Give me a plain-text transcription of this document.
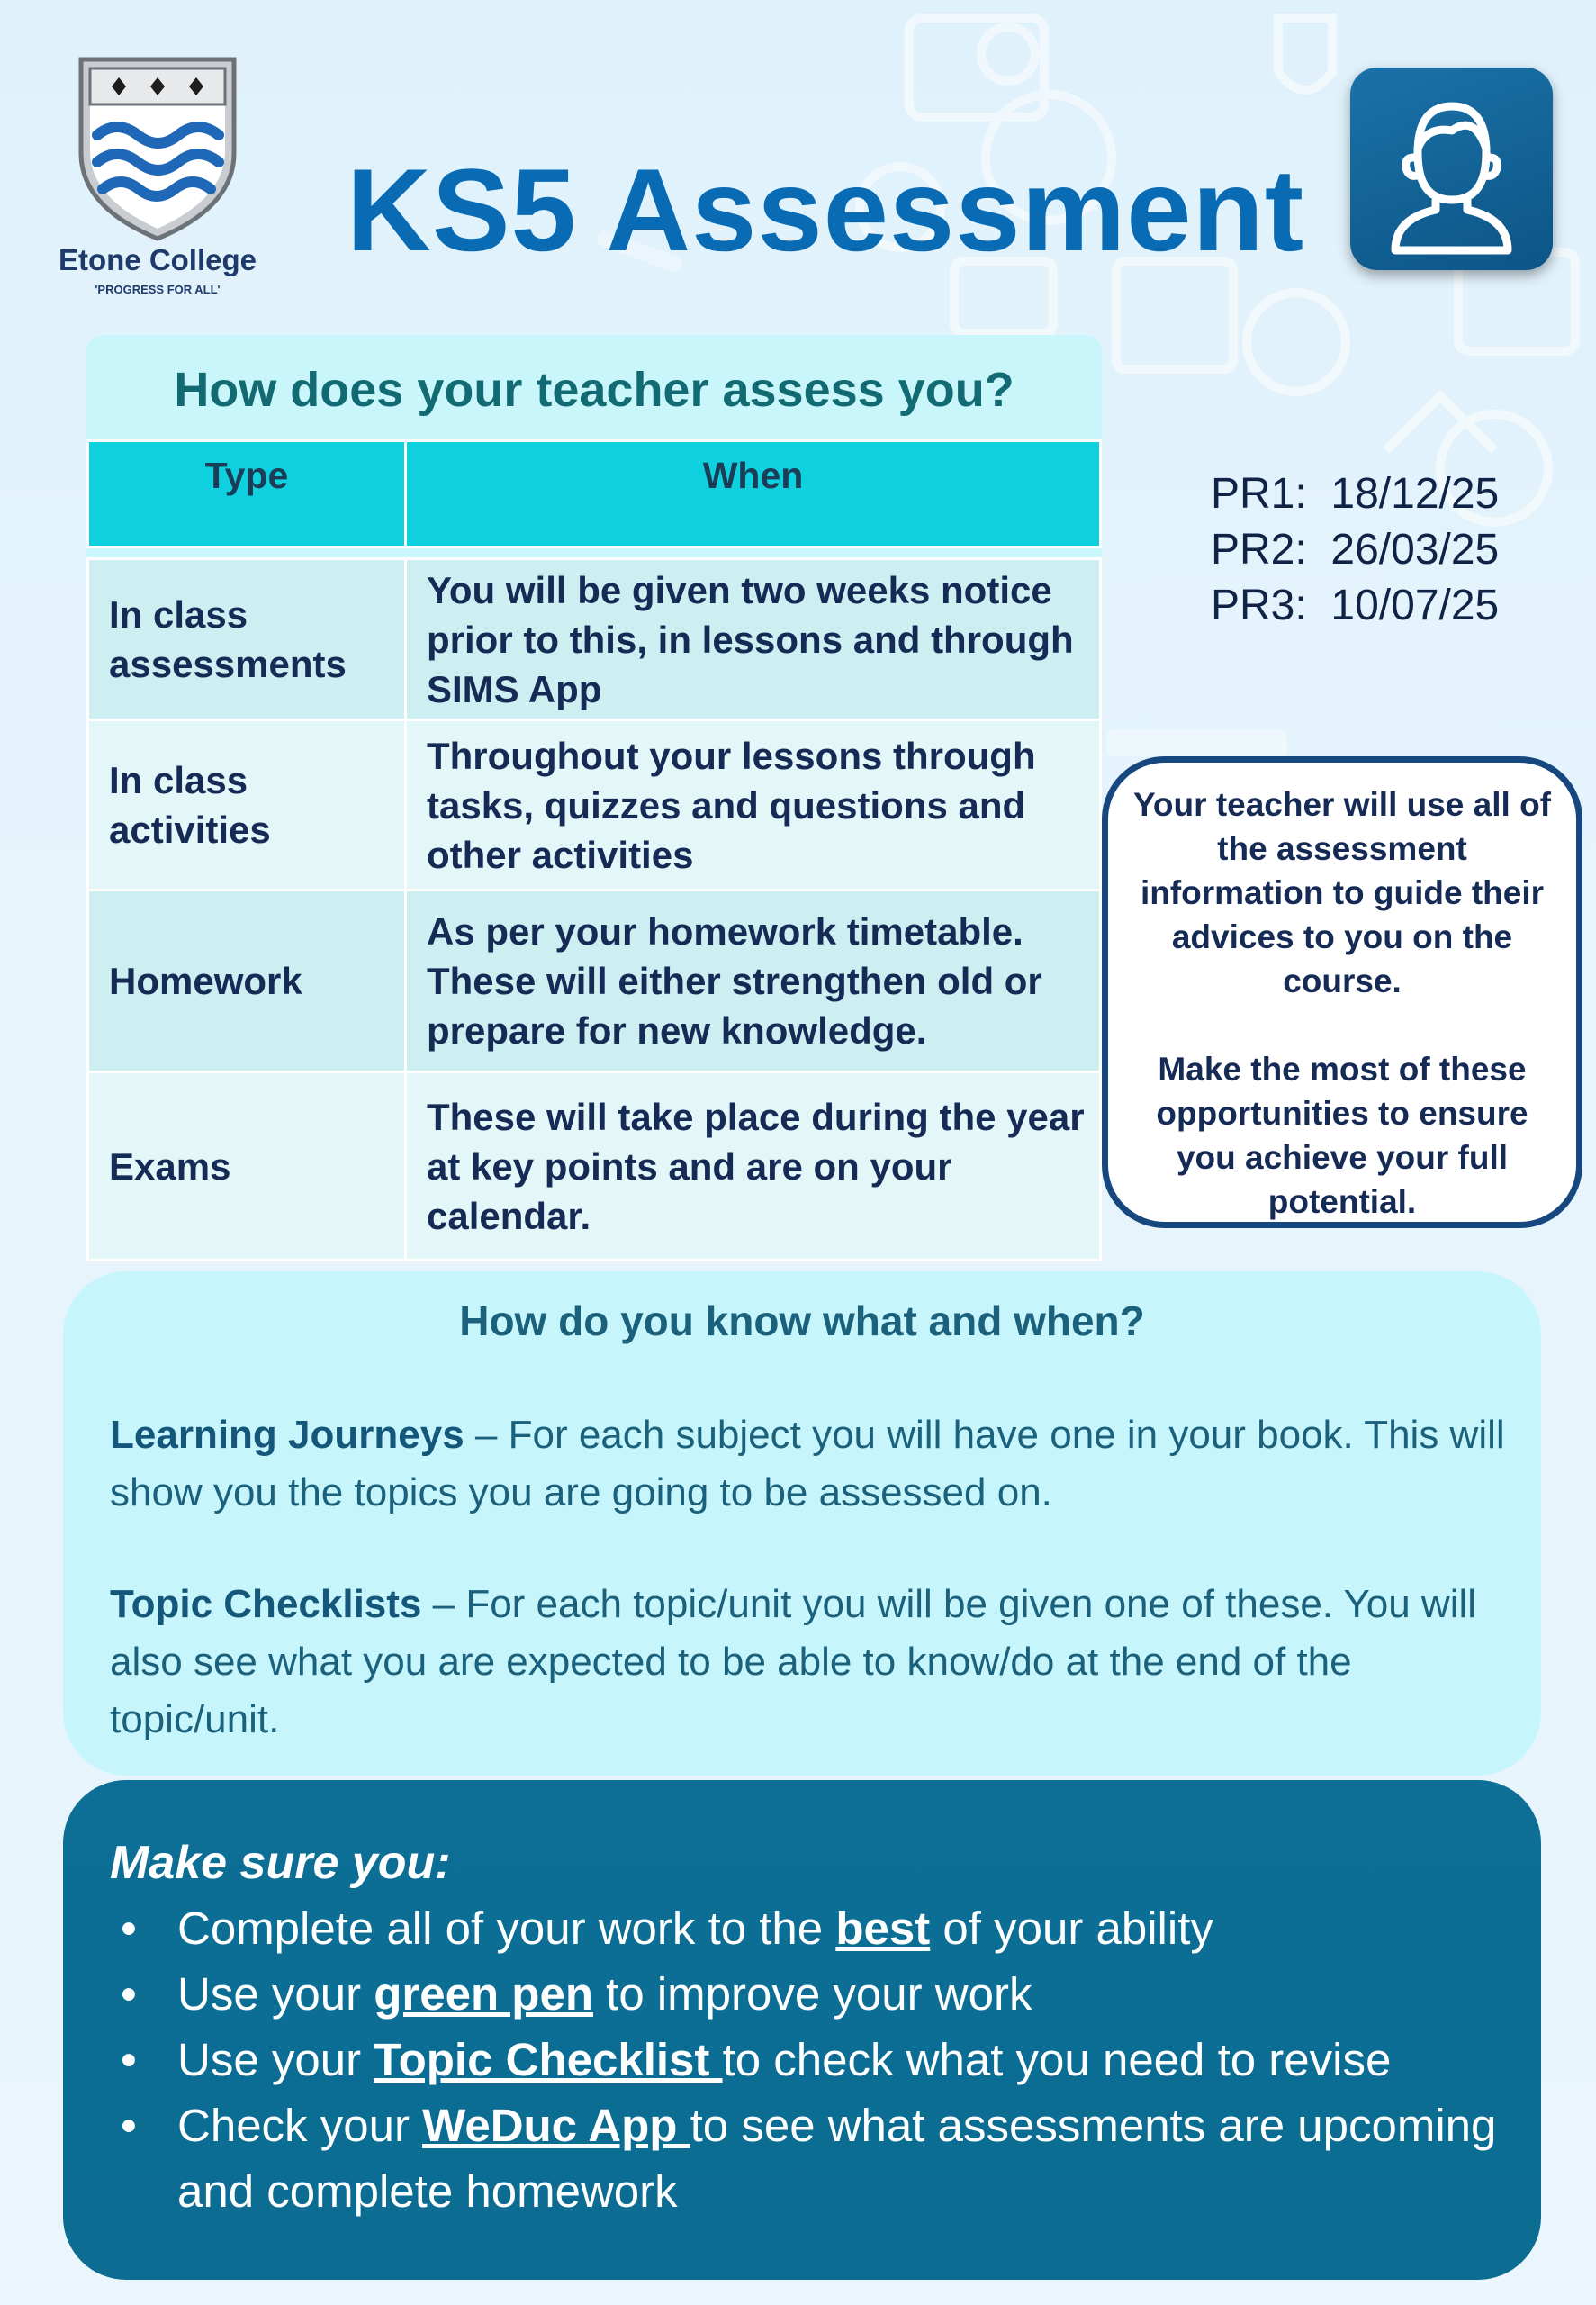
Etone College
'PROGRESS FOR ALL'
KS5 Assessment
How does your teacher assess you?
Type	When

In class assessments	You will be given two weeks notice prior to this, in lessons and through SIMS App
In class activities	Throughout your lessons through tasks, quizzes and questions and other activities
Homework	As per your homework timetable. These will either strengthen old or prepare for new knowledge.
Exams	These will take place during the year at key points and are on your calendar.
PR1: 18/12/25
PR2: 26/03/25
PR3: 10/07/25

Your teacher will use all of the assessment information to guide their advices to you on the course.

Make the most of these opportunities to ensure you achieve your full potential.

How do you know what and when?
Learning Journeys – For each subject you will have one in your book. This will show you the topics you are going to be assessed on.
Topic Checklists – For each topic/unit you will be given one of these. You will also see what you are expected to be able to know/do at the end of the topic/unit.
Make sure you:
• Complete all of your work to the best of your ability
• Use your green pen to improve your work
• Use your Topic Checklist to check what you need to revise
• Check your WeDuc App to see what assessments are upcoming and complete homework
